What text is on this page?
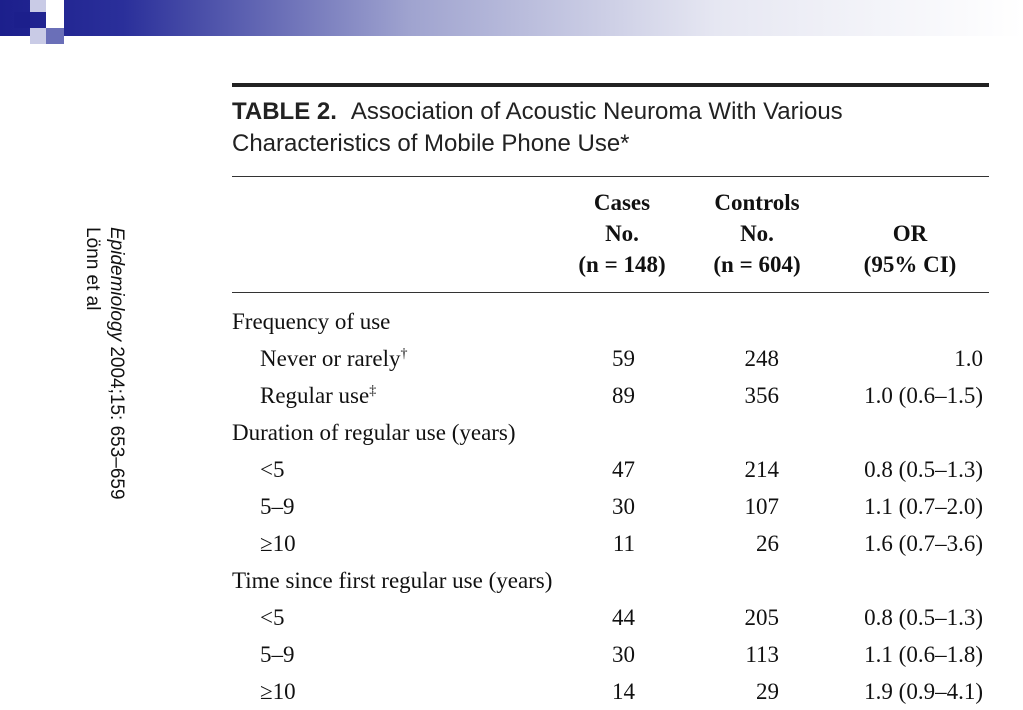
Epidemiology 2004;15: 653–659
Lönn et al
TABLE 2. Association of Acoustic Neuroma With Various
Characteristics of Mobile Phone Use*
Cases
No.
(n = 148)
Controls
No.
(n = 604)
OR
(95% CI)
Frequency of use
Never or rarely†	59	248	1.0
Regular use‡	89	356	1.0 (0.6–1.5)
Duration of regular use (years)
<5	47	214	0.8 (0.5–1.3)
5–9	30	107	1.1 (0.7–2.0)
≥10	11	26	1.6 (0.7–3.6)
Time since first regular use (years)
<5	44	205	0.8 (0.5–1.3)
5–9	30	113	1.1 (0.6–1.8)
≥10	14	29	1.9 (0.9–4.1)
